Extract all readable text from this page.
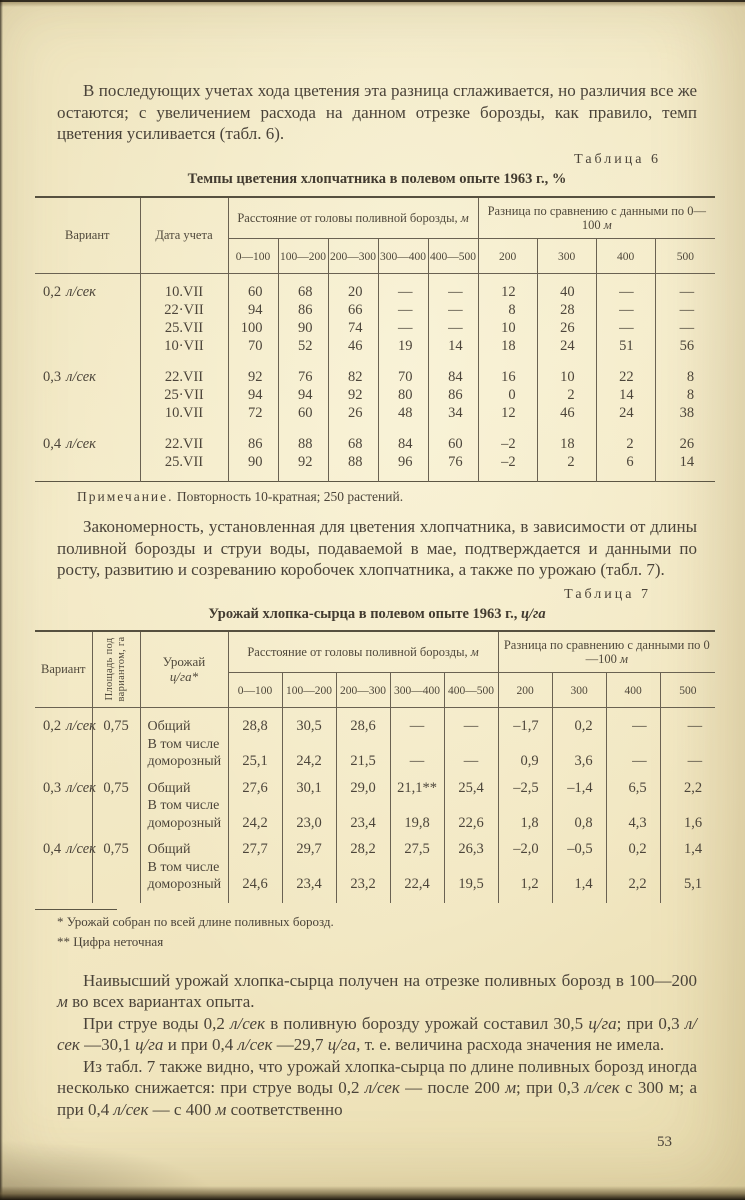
В последующих учетах хода цветения эта разница сглаживается, но различия все же остаются; с увеличением расхода на данном отрезке борозды, как правило, темп цветения усиливается (табл. 6).

Таблица 6

Темпы цветения хлопчатника в полевом опыте 1963 г., %

Вариант	Дата учета	Расстояние от головы поливной борозды, м					Разница по сравнению с данными по 0—100 м			
		0—100	100—200	200—300	300—400	400—500	200	300	400	500
0,2 л/сек	10.VII	60	68	20	—	—	12	40	—	—
	22·VII	94	86	66	—	—	8	28	—	—
	25.VII	100	90	74	—	—	10	26	—	—
	10·VII	70	52	46	19	14	18	24	51	56
0,3 л/сек	22.VII	92	76	82	70	84	16	10	22	8
	25·VII	94	94	92	80	86	0	2	14	8
	10.VII	72	60	26	48	34	12	46	24	38
0,4 л/сек	22.VII	86	88	68	84	60	–2	18	2	26
	25.VII	90	92	88	96	76	–2	2	6	14

Примечание. Повторность 10-кратная; 250 растений.

Закономерность, установленная для цветения хлопчатника, в зависимости от длины поливной борозды и струи воды, подаваемой в мае, подтверждается и данными по росту, развитию и созреванию коробочек хлопчатника, а также по урожаю (табл. 7).

Таблица 7

Урожай хлопка-сырца в полевом опыте 1963 г., ц/га

Вариант	Площадь под вариантом, га	Урожай
ц/га*	Расстояние от головы поливной борозды, м					Разница по сравнению с данными по 0—100 м			
			0—100	100—200	200—300	300—400	400—500	200	300	400	500
0,2 л/сек	0,75	Общий	28,8	30,5	28,6	—	—	–1,7	0,2	—	—
		В том числе доморозный	25,1	24,2	21,5	—	—	0,9	3,6	—	—
0,3 л/сек	0,75	Общий	27,6	30,1	29,0	21,1**	25,4	–2,5	–1,4	6,5	2,2
		В том числе доморозный	24,2	23,0	23,4	19,8	22,6	1,8	0,8	4,3	1,6
0,4 л/сек	0,75	Общий	27,7	29,7	28,2	27,5	26,3	–2,0	–0,5	0,2	1,4
		В том числе доморозный	24,6	23,4	23,2	22,4	19,5	1,2	1,4	2,2	5,1

* Урожай собран по всей длине поливных борозд.

** Цифра неточная

Наивысший урожай хлопка-сырца получен на отрезке поливных борозд в 100—200 м во всех вариантах опыта.

При струе воды 0,2 л/сек в поливную борозду урожай составил 30,5 ц/га; при 0,3 л/сек —30,1 ц/га и при 0,4 л/сек —29,7 ц/га, т. е. величина расхода значения не имела.

Из табл. 7 также видно, что урожай хлопка-сырца по длине поливных борозд иногда несколько снижается: при струе воды 0,2 л/сек — после 200 м; при 0,3 л/сек с 300 м; а при 0,4 л/сек — с 400 м соответственно

53
